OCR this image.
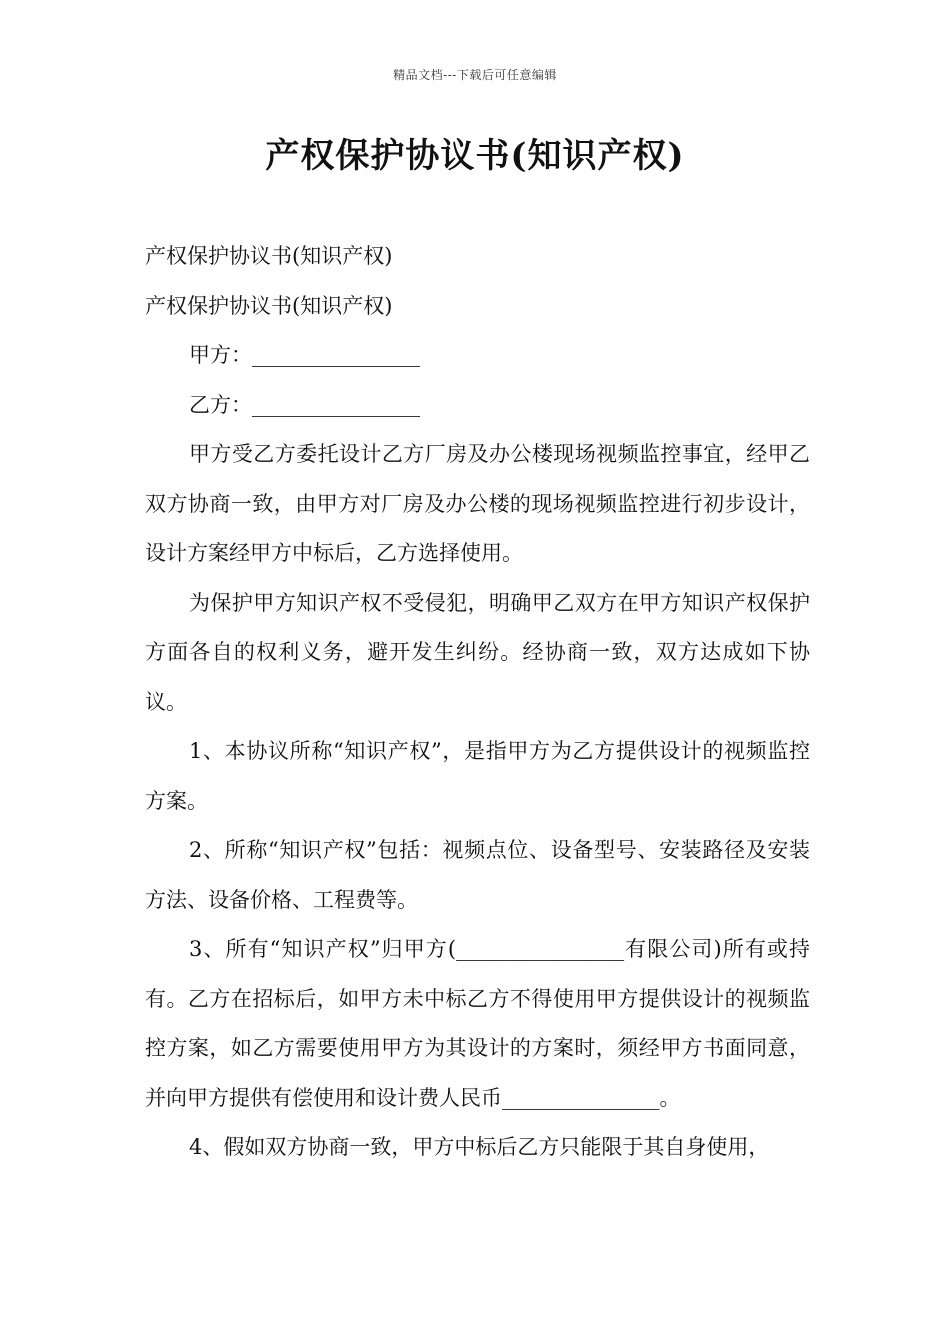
精品文档---下载后可任意编辑
产权保护协议书(知识产权)

产权保护协议书(知识产权)

产权保护协议书(知识产权)

甲方：________________

乙方：________________

甲方受乙方委托设计乙方厂房及办公楼现场视频监控事宜，经甲乙双方协商一致，由甲方对厂房及办公楼的现场视频监控进行初步设计，设计方案经甲方中标后，乙方选择使用。

为保护甲方知识产权不受侵犯，明确甲乙双方在甲方知识产权保护方面各自的权利义务，避开发生纠纷。经协商一致，双方达成如下协议。

1、本协议所称“知识产权”，是指甲方为乙方提供设计的视频监控方案。

2、所称“知识产权”包括：视频点位、设备型号、安装路径及安装方法、设备价格、工程费等。

3、所有“知识产权”归甲方(________________有限公司)所有或持有。乙方在招标后，如甲方未中标乙方不得使用甲方提供设计的视频监控方案，如乙方需要使用甲方为其设计的方案时，须经甲方书面同意，并向甲方提供有偿使用和设计费人民币_______________。

4、假如双方协商一致，甲方中标后乙方只能限于其自身使用，
